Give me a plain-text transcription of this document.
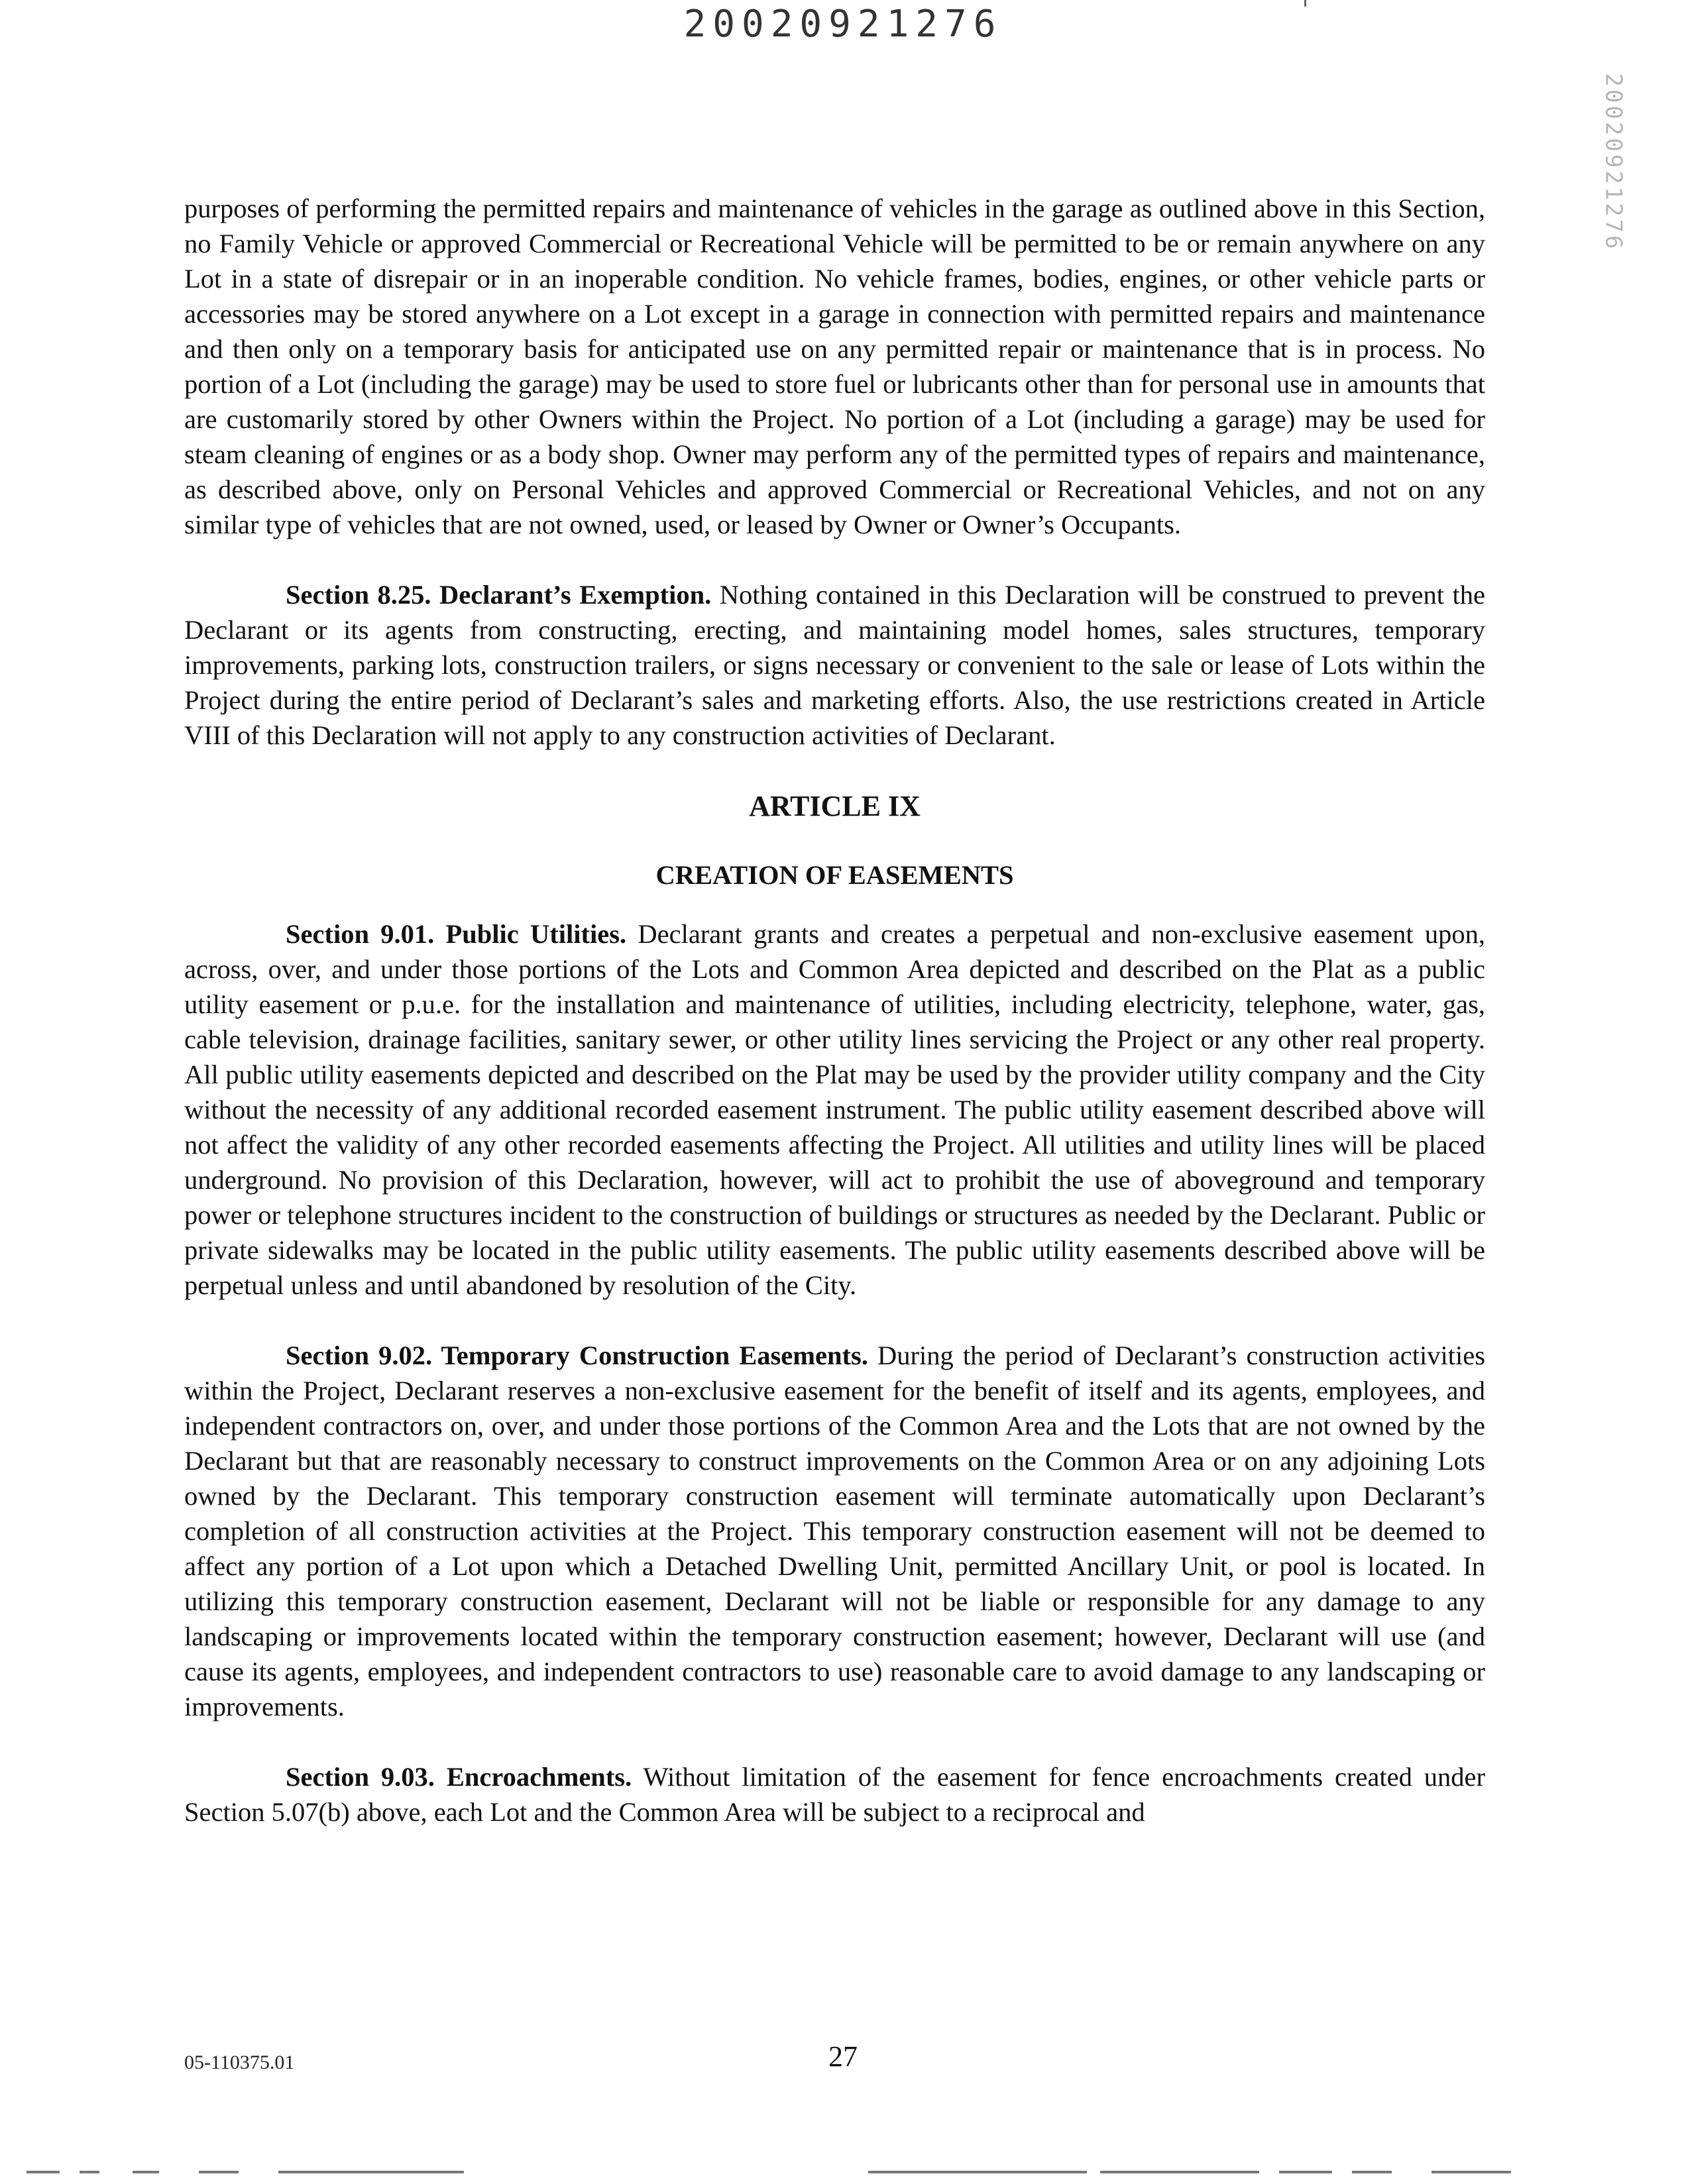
20020921276
20020921276

purposes of performing the permitted repairs and maintenance of vehicles in the garage as outlined above in this Section, no Family Vehicle or approved Commercial or Recreational Vehicle will be permitted to be or remain anywhere on any Lot in a state of disrepair or in an inoperable condition. No vehicle frames, bodies, engines, or other vehicle parts or accessories may be stored anywhere on a Lot except in a garage in connection with permitted repairs and maintenance and then only on a temporary basis for anticipated use on any permitted repair or maintenance that is in process. No portion of a Lot (including the garage) may be used to store fuel or lubricants other than for personal use in amounts that are customarily stored by other Owners within the Project. No portion of a Lot (including a garage) may be used for steam cleaning of engines or as a body shop. Owner may perform any of the permitted types of repairs and maintenance, as described above, only on Personal Vehicles and approved Commercial or Recreational Vehicles, and not on any similar type of vehicles that are not owned, used, or leased by Owner or Owner’s Occupants.

Section 8.25. Declarant’s Exemption. Nothing contained in this Declaration will be construed to prevent the Declarant or its agents from constructing, erecting, and maintaining model homes, sales structures, temporary improvements, parking lots, construction trailers, or signs necessary or convenient to the sale or lease of Lots within the Project during the entire period of Declarant’s sales and marketing efforts. Also, the use restrictions created in Article VIII of this Declaration will not apply to any construction activities of Declarant.

ARTICLE IX
CREATION OF EASEMENTS

Section 9.01. Public Utilities. Declarant grants and creates a perpetual and non-exclusive easement upon, across, over, and under those portions of the Lots and Common Area depicted and described on the Plat as a public utility easement or p.u.e. for the installation and maintenance of utilities, including electricity, telephone, water, gas, cable television, drainage facilities, sanitary sewer, or other utility lines servicing the Project or any other real property. All public utility easements depicted and described on the Plat may be used by the provider utility company and the City without the necessity of any additional recorded easement instrument. The public utility easement described above will not affect the validity of any other recorded easements affecting the Project. All utilities and utility lines will be placed underground. No provision of this Declaration, however, will act to prohibit the use of aboveground and temporary power or telephone structures incident to the construction of buildings or structures as needed by the Declarant. Public or private sidewalks may be located in the public utility easements. The public utility easements described above will be perpetual unless and until abandoned by resolution of the City.

Section 9.02. Temporary Construction Easements. During the period of Declarant’s construction activities within the Project, Declarant reserves a non-exclusive easement for the benefit of itself and its agents, employees, and independent contractors on, over, and under those portions of the Common Area and the Lots that are not owned by the Declarant but that are reasonably necessary to construct improvements on the Common Area or on any adjoining Lots owned by the Declarant. This temporary construction easement will terminate automatically upon Declarant’s completion of all construction activities at the Project. This temporary construction easement will not be deemed to affect any portion of a Lot upon which a Detached Dwelling Unit, permitted Ancillary Unit, or pool is located. In utilizing this temporary construction easement, Declarant will not be liable or responsible for any damage to any landscaping or improvements located within the temporary construction easement; however, Declarant will use (and cause its agents, employees, and independent contractors to use) reasonable care to avoid damage to any landscaping or improvements.

Section 9.03. Encroachments. Without limitation of the easement for fence encroachments created under Section 5.07(b) above, each Lot and the Common Area will be subject to a reciprocal and

05-110375.01	27
